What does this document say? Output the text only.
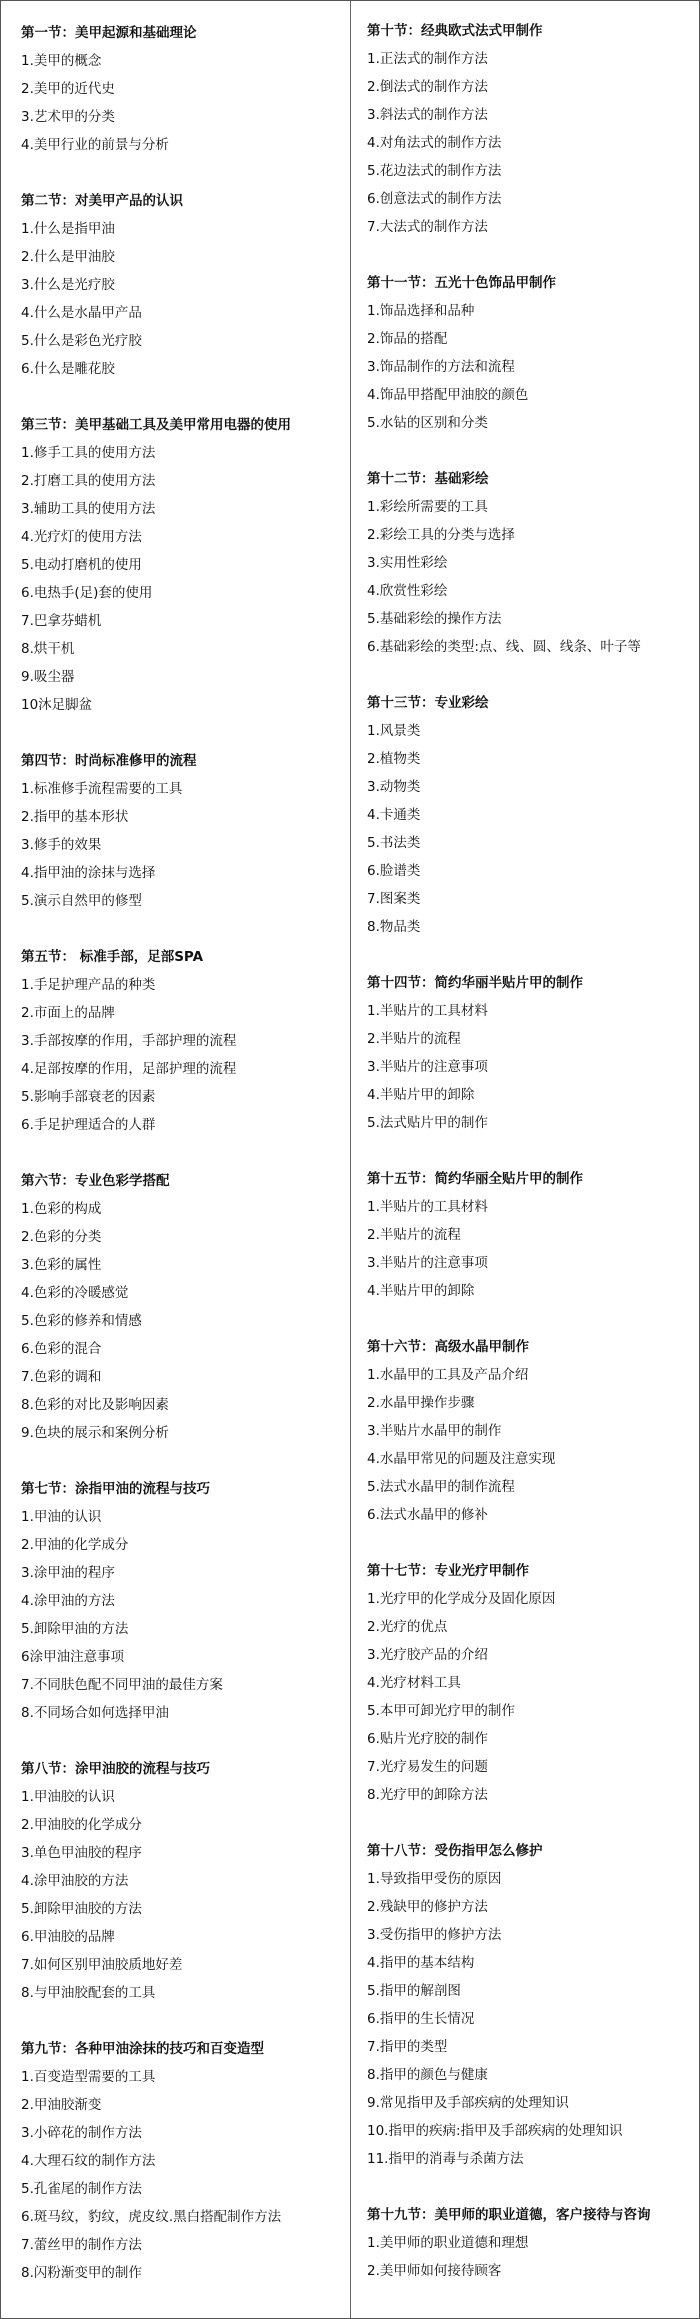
第一节：美甲起源和基础理论
1.美甲的概念
2.美甲的近代史
3.艺术甲的分类
4.美甲行业的前景与分析
第二节：对美甲产品的认识
1.什么是指甲油
2.什么是甲油胶
3.什么是光疗胶
4.什么是水晶甲产品
5.什么是彩色光疗胶
6.什么是雕花胶
第三节：美甲基础工具及美甲常用电器的使用
1.修手工具的使用方法
2.打磨工具的使用方法
3.辅助工具的使用方法
4.光疗灯的使用方法
5.电动打磨机的使用
6.电热手(足)套的使用
7.巴拿芬蜡机
8.烘干机
9.吸尘器
10沐足脚盆
第四节：时尚标准修甲的流程
1.标准修手流程需要的工具
2.指甲的基本形状
3.修手的效果
4.指甲油的涂抹与选择
5.演示自然甲的修型
第五节： 标准手部，足部SPA
1.手足护理产品的种类
2.市面上的品牌
3.手部按摩的作用，手部护理的流程
4.足部按摩的作用，足部护理的流程
5.影响手部衰老的因素
6.手足护理适合的人群
第六节：专业色彩学搭配
1.色彩的构成
2.色彩的分类
3.色彩的属性
4.色彩的冷暖感觉
5.色彩的修养和情感
6.色彩的混合
7.色彩的调和
8.色彩的对比及影响因素
9.色块的展示和案例分析
第七节：涂指甲油的流程与技巧
1.甲油的认识
2.甲油的化学成分
3.涂甲油的程序
4.涂甲油的方法
5.卸除甲油的方法
6涂甲油注意事项
7.不同肤色配不同甲油的最佳方案
8.不同场合如何选择甲油
第八节：涂甲油胶的流程与技巧
1.甲油胶的认识
2.甲油胶的化学成分
3.单色甲油胶的程序
4.涂甲油胶的方法
5.卸除甲油胶的方法
6.甲油胶的品牌
7.如何区别甲油胶质地好差
8.与甲油胶配套的工具
第九节：各种甲油涂抹的技巧和百变造型
1.百变造型需要的工具
2.甲油胶渐变
3.小碎花的制作方法
4.大理石纹的制作方法
5.孔雀尾的制作方法
6.斑马纹，豹纹，虎皮纹.黑白搭配制作方法
7.蕾丝甲的制作方法
8.闪粉渐变甲的制作
第十节：经典欧式法式甲制作
1.正法式的制作方法
2.倒法式的制作方法
3.斜法式的制作方法
4.对角法式的制作方法
5.花边法式的制作方法
6.创意法式的制作方法
7.大法式的制作方法
第十一节：五光十色饰品甲制作
1.饰品选择和品种
2.饰品的搭配
3.饰品制作的方法和流程
4.饰品甲搭配甲油胶的颜色
5.水钻的区别和分类
第十二节：基础彩绘
1.彩绘所需要的工具
2.彩绘工具的分类与选择
3.实用性彩绘
4.欣赏性彩绘
5.基础彩绘的操作方法
6.基础彩绘的类型:点、线、圆、线条、叶子等
第十三节：专业彩绘
1.风景类
2.植物类
3.动物类
4.卡通类
5.书法类
6.脸谱类
7.图案类
8.物品类
第十四节：简约华丽半贴片甲的制作
1.半贴片的工具材料
2.半贴片的流程
3.半贴片的注意事项
4.半贴片甲的卸除
5.法式贴片甲的制作
第十五节：简约华丽全贴片甲的制作
1.半贴片的工具材料
2.半贴片的流程
3.半贴片的注意事项
4.半贴片甲的卸除
第十六节：高级水晶甲制作
1.水晶甲的工具及产品介绍
2.水晶甲操作步骤
3.半贴片水晶甲的制作
4.水晶甲常见的问题及注意实现
5.法式水晶甲的制作流程
6.法式水晶甲的修补
第十七节：专业光疗甲制作
1.光疗甲的化学成分及固化原因
2.光疗的优点
3.光疗胶产品的介绍
4.光疗材料工具
5.本甲可卸光疗甲的制作
6.贴片光疗胶的制作
7.光疗易发生的问题
8.光疗甲的卸除方法
第十八节：受伤指甲怎么修护
1.导致指甲受伤的原因
2.残缺甲的修护方法
3.受伤指甲的修护方法
4.指甲的基本结构
5.指甲的解剖图
6.指甲的生长情况
7.指甲的类型
8.指甲的颜色与健康
9.常见指甲及手部疾病的处理知识
10.指甲的疾病:指甲及手部疾病的处理知识
11.指甲的消毒与杀菌方法
第十九节：美甲师的职业道德，客户接待与咨询
1.美甲师的职业道德和理想
2.美甲师如何接待顾客
